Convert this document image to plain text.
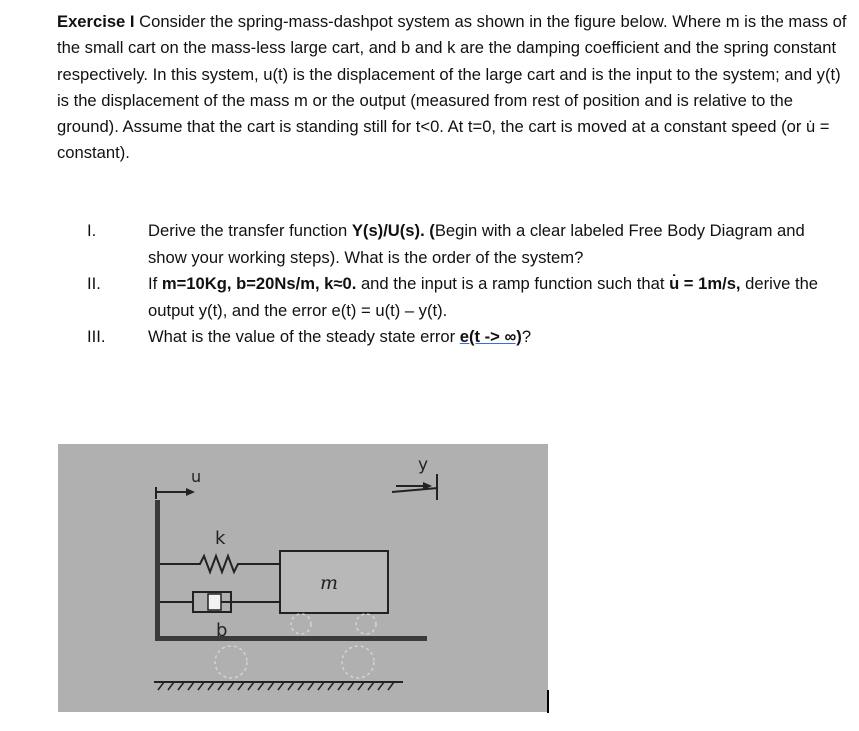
Exercise I Consider the spring-mass-dashpot system as shown in the figure below. Where m is the mass of the small cart on the mass-less large cart, and b and k are the damping coefficient and the spring constant respectively. In this system, u(t) is the displacement of the large cart and is the input to the system; and y(t) is the displacement of the mass m or the output (measured from rest of position and is relative to the ground). Assume that the cart is standing still for t<0. At t=0, the cart is moved at a constant speed (or u̇ = constant).
I.	Derive the transfer function Y(s)/U(s). (Begin with a clear labeled Free Body Diagram and show your working steps). What is the order of the system?
II.	If m=10Kg, b=20Ns/m, k≈0. and the input is a ramp function such that u̇ = 1m/s, derive the output y(t), and the error e(t) = u(t) – y(t).
III.	What is the value of the steady state error e(t -> ∞)?
u
y
k
b
m
